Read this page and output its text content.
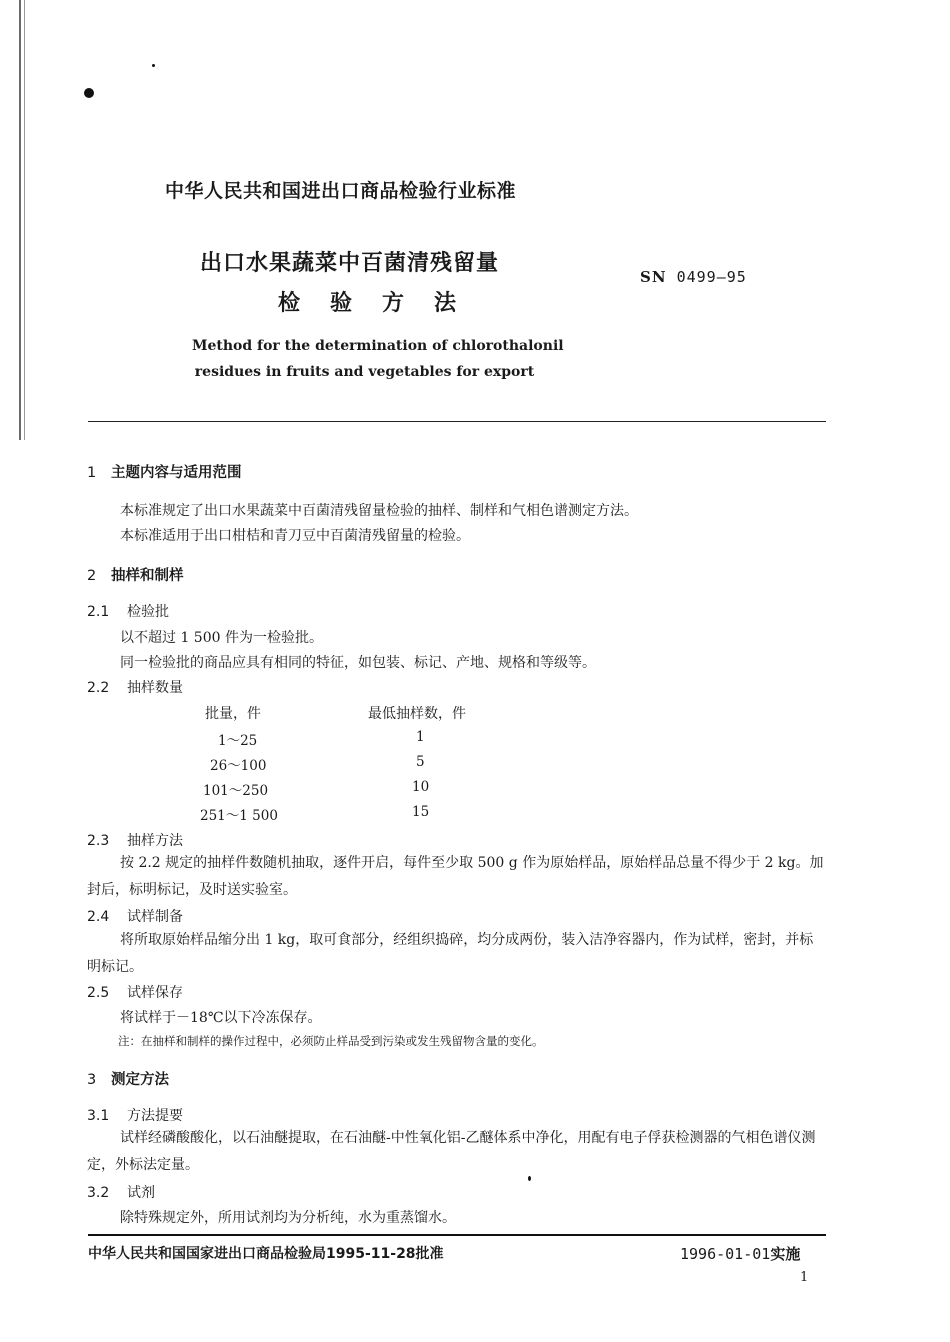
中华人民共和国进出口商品检验行业标准
出口水果蔬菜中百菌清残留量
检验方法
SN 0499—95
Method for the determination of chlorothalonil
residues in fruits and vegetables for export
1 主题内容与适用范围
本标准规定了出口水果蔬菜中百菌清残留量检验的抽样、制样和气相色谱测定方法。
本标准适用于出口柑桔和青刀豆中百菌清残留量的检验。
2 抽样和制样
2.1 检验批
以不超过 1 500 件为一检验批。
同一检验批的商品应具有相同的特征，如包装、标记、产地、规格和等级等。
2.2 抽样数量
批量，件	最低抽样数，件
1～25	1
26～100	5
101～250	10
251～1 500	15
2.3 抽样方法
按 2.2 规定的抽样件数随机抽取，逐件开启，每件至少取 500 g 作为原始样品，原始样品总量不得少于 2 kg。加封后，标明标记，及时送实验室。
2.4 试样制备
将所取原始样品缩分出 1 kg，取可食部分，经组织捣碎，均分成两份，装入洁净容器内，作为试样，密封，并标明标记。
2.5 试样保存
将试样于－18℃以下冷冻保存。
注：在抽样和制样的操作过程中，必须防止样品受到污染或发生残留物含量的变化。
3 测定方法
3.1 方法提要
试样经磷酸酸化，以石油醚提取，在石油醚-中性氧化铝-乙醚体系中净化，用配有电子俘获检测器的气相色谱仪测定，外标法定量。
3.2 试剂
除特殊规定外，所用试剂均为分析纯，水为重蒸馏水。
中华人民共和国国家进出口商品检验局1995-11-28批准	1996-01-01实施
1
